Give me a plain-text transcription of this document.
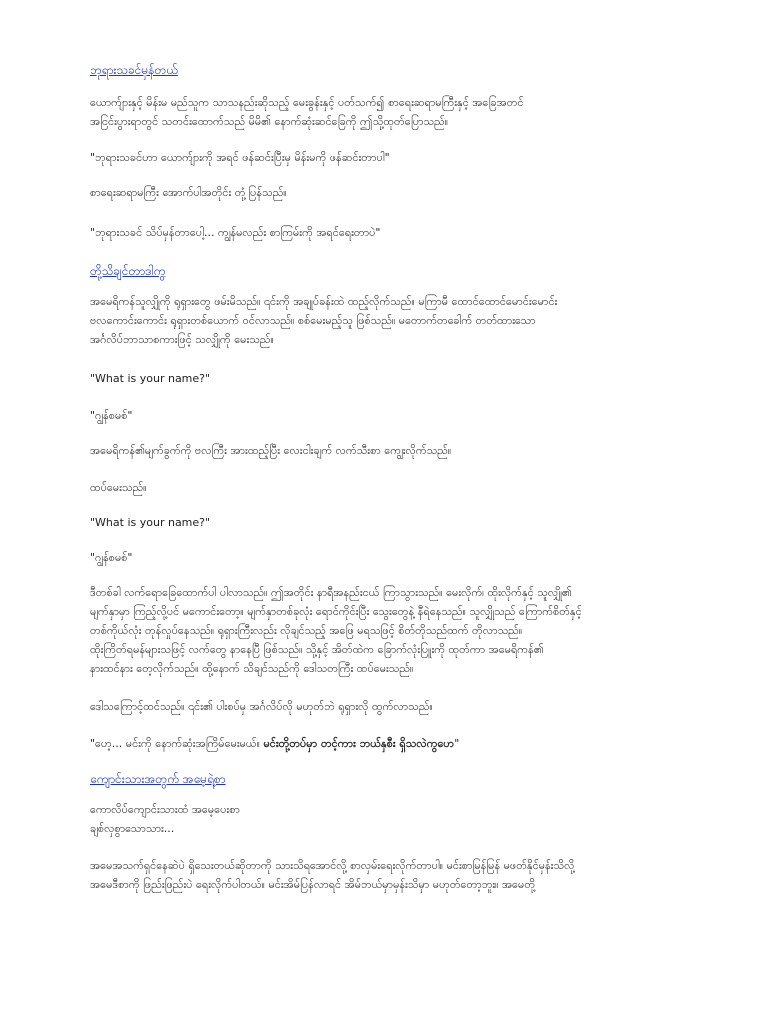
ဘုရားသခင်မှန်တယ်

ယောက်ျားနှင့် မိန်းမ မည်သူက သာသနည်းဆိုသည့် မေးခွန်းနှင့် ပတ်သက်၍ စာရေးဆရာမကြီးနှင့် အခြေအတင်
အငြင်းပွားရာတွင် သတင်းထောက်သည် မိမိ၏ နောက်ဆုံးဆင်ခြေကို ဤသို့ထုတ်ပြောသည်။

"ဘုရားသခင်ဟာ ယောက်ျားကို အရင် ဖန်ဆင်းပြီးမှ မိန်းမကို ဖန်ဆင်းတာပါ"

စာရေးဆရာမကြီး အောက်ပါအတိုင်း တုံ့ပြန်သည်။

"ဘုရားသခင် သိပ်မှန်တာပေါ့... ကျွန်မလည်း စာကြမ်းကို အရင်ရေးတာပဲ"

တို့သိချင်တာဒါကွ

အမေရိကန်သူလျှိုကို ရုရှားတွေ ဖမ်းမိသည်။ ၎င်းကို အချုပ်ခန်းထဲ ထည့်လိုက်သည်။ မကြာမီ ထောင်ထောင်မောင်းမောင်း
ဗလကောင်းကောင်း ရုရှားတစ်ယောက် ဝင်လာသည်။ စစ်မေးမည့်သူ ဖြစ်သည်။ မတောက်တခေါက် တတ်ထားသော
အင်္ဂလိပ်ဘာသာစကားဖြင့် သလျှိုကို မေးသည်။

"What is your name?"

"ဂျွန်စမစ်"

အမေရိကန်၏မျက်ခွက်ကို ဗလကြီး အားထည့်ပြီး လေးငါးချက် လက်သီးစာ ကျွေးလိုက်သည်။

ထပ်မေးသည်။

"What is your name?"

"ဂျွန်စမစ်"

ဒီတစ်ခါ လက်ရောခြေထောက်ပါ ပါလာသည်။ ဤအတိုင်း နာရီအနည်းငယ် ကြာသွားသည်။ မေးလိုက်၊ ထိုးလိုက်နှင့် သူလျှို၏
မျက်နှာမှာ ကြည့်လို့ပင် မကောင်းတော့။ မျက်နှာတစ်ခုလုံး ရောင်ကိုင်းပြီး သွေးတွေနဲ့ နီရဲနေသည်။ သူလျှိုသည် ကြောက်စိတ်နှင့်
တစ်ကိုယ်လုံး တုန်လှုပ်နေသည်။ ရုရှားကြီးလည်း လိုချင်သည့် အဖြေ မရသဖြင့် စိတ်တိုသည်ထက် တိုလာသည်။
ထိုးကြိတ်ရမန်များသဖြင့် လက်တွေ နာနေပြီ ဖြစ်သည်။ သို့နှင့် အိတ်ထဲက ခြောက်လုံးပြူးကို ထုတ်ကာ အမေရိကန်၏
နားထင်နား တေ့လိုက်သည်။ ထို့နောက် သိချင်သည်ကို ဒေါသတကြီး ထပ်မေးသည်။

ဒေါသကြောင့်ထင်သည်။ ၎င်း၏ ပါးစပ်မှ အင်္ဂလိပ်လို မဟုတ်ဘဲ ရုရှားလို ထွက်လာသည်။

"ဟေ့... မင်းကို နောက်ဆုံးအကြိမ်မေးမယ်။ မင်းတို့တပ်မှာ တင့်ကား ဘယ်နှစီး ရှိသလဲကွဟေ"

ကျောင်းသားအတွက် အမေ့ရဲ့စာ

ကောလိပ်ကျောင်းသားထံ အမေ့ပေးစာ
ချစ်လှစွာသောသား...

အမေအသက်ရှင်နေဆဲပဲ ရှိသေးတယ်ဆိုတာကို သားသိရအောင်လို့ စာလှမ်းရေးလိုက်တာပါ။ မင်းစာမြန်မြန် မဖတ်နိုင်မှန်းသိလို့
အမေဒီစာကို ဖြည်းဖြည်းပဲ ရေးလိုက်ပါတယ်။ မင်းအိမ်ပြန်လာရင် အိမ်ဘယ်မှာမှန်းသိမှာ မဟုတ်တော့ဘူး။ အမေတို့
